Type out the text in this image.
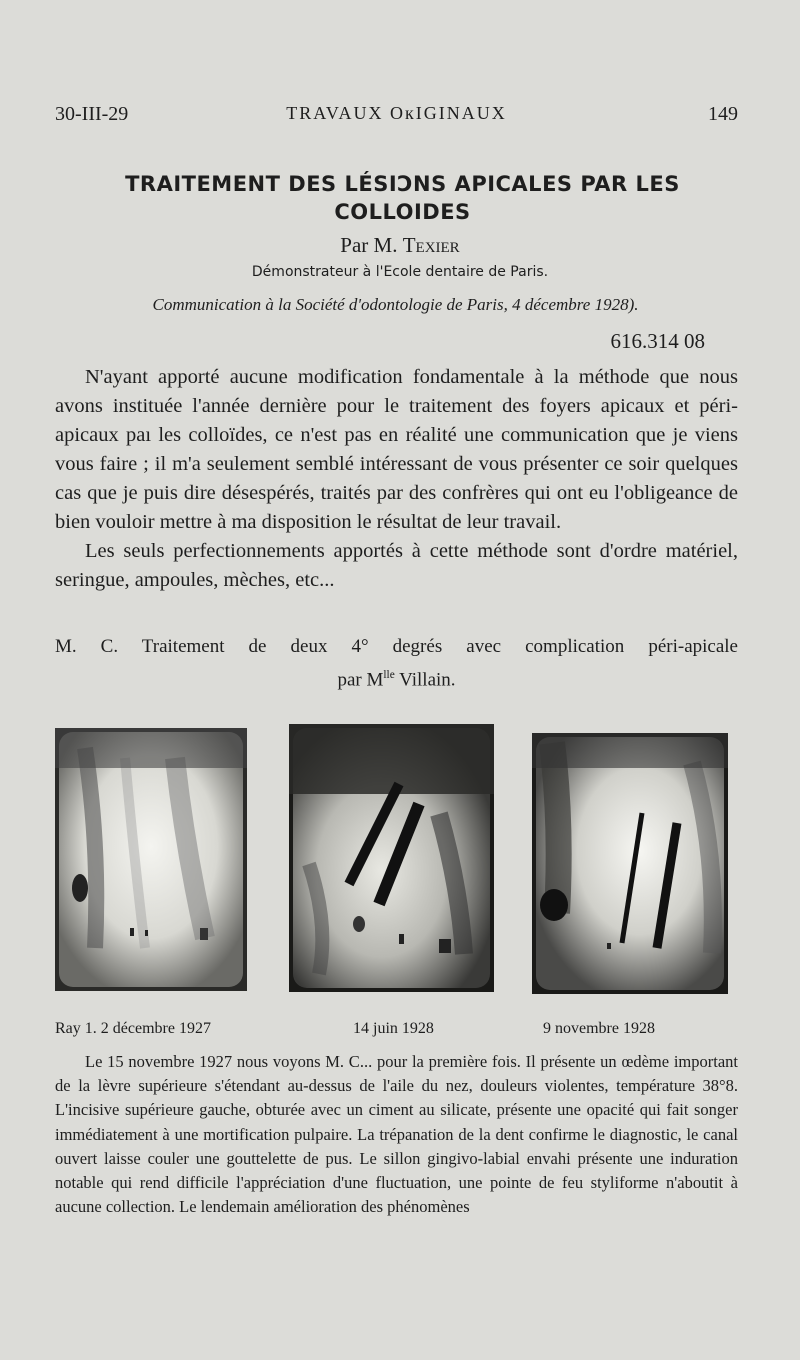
30-III-29	TRAVAUX OкIGINAUX	149
TRAITEMENT DES LÉSIƆNS APICALES PAR LES COLLOIDES
Par M. Texier
Démonstrateur à l'Ecole dentaire de Paris.
Communication à la Société d'odontologie de Paris, 4 décembre 1928).
616.314 08

N'ayant apporté aucune modification fondamentale à la méthode que nous avons instituée l'année dernière pour le traitement des foyers apicaux et péri-apicaux paı les colloïdes, ce n'est pas en réalité une communication que je viens vous faire ; il m'a seulement semblé intéressant de vous présenter ce soir quelques cas que je puis dire désespérés, traités par des confrères qui ont eu l'obligeance de bien vouloir mettre à ma disposition le résultat de leur travail.

Les seuls perfectionnements apportés à cette méthode sont d'ordre matériel, seringue, ampoules, mèches, etc...

M. C. Traitement de deux 4° degrés avec complication péri-apicale
par $M^{lle}$ Villain.
Ray 1. 2 décembre 1927	14 juin 1928	9 novembre 1928

Le 15 novembre 1927 nous voyons M. C... pour la première fois. Il présente un œdème important de la lèvre supérieure s'étendant au-dessus de l'aile du nez, douleurs violentes, température 38°8. L'incisive supérieure gauche, obturée avec un ciment au silicate, présente une opacité qui fait songer immédiatement à une mortification pulpaire. La trépanation de la dent confirme le diagnostic, le canal ouvert laisse couler une gouttelette de pus. Le sillon gingivo-labial envahi présente une induration notable qui rend difficile l'appréciation d'une fluctuation, une pointe de feu styliforme n'aboutit à aucune collection. Le lendemain amélioration des phénomènes
